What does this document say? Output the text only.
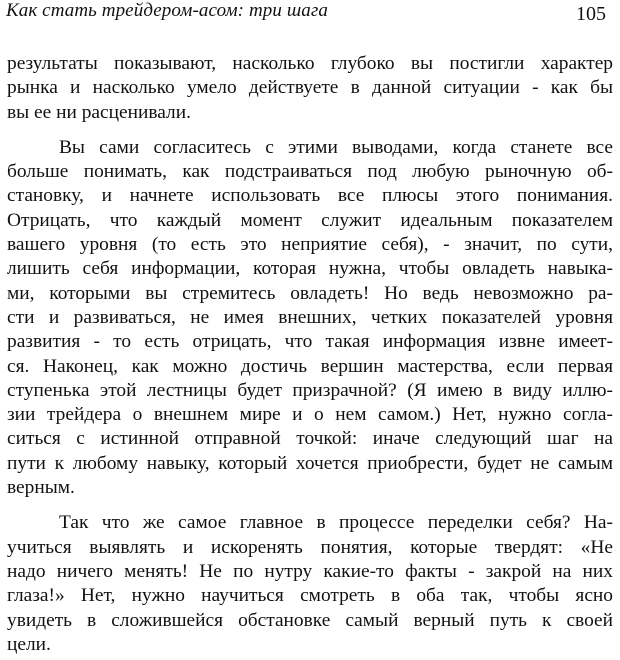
Как стать трейдером-асом: три шага	105
результаты показывают, насколько глубоко вы постигли характер
рынка и насколько умело действуете в данной ситуации - как бы
вы ее ни расценивали.
Вы сами согласитесь с этими выводами, когда станете все
больше понимать, как подстраиваться под любую рыночную об-
становку, и начнете использовать все плюсы этого понимания.
Отрицать, что каждый момент служит идеальным показателем
вашего уровня (то есть это неприятие себя), - значит, по сути,
лишить себя информации, которая нужна, чтобы овладеть навыка-
ми, которыми вы стремитесь овладеть! Но ведь невозможно ра-
сти и развиваться, не имея внешних, четких показателей уровня
развития - то есть отрицать, что такая информация извне имеет-
ся. Наконец, как можно достичь вершин мастерства, если первая
ступенька этой лестницы будет призрачной? (Я имею в виду иллю-
зии трейдера о внешнем мире и о нем самом.) Нет, нужно согла-
ситься с истинной отправной точкой: иначе следующий шаг на
пути к любому навыку, который хочется приобрести, будет не самым
верным.
Так что же самое главное в процессе переделки себя? На-
учиться выявлять и искоренять понятия, которые твердят: «Не
надо ничего менять! Не по нутру какие-то факты - закрой на них
глаза!» Нет, нужно научиться смотреть в оба так, чтобы ясно
увидеть в сложившейся обстановке самый верный путь к своей
цели.
